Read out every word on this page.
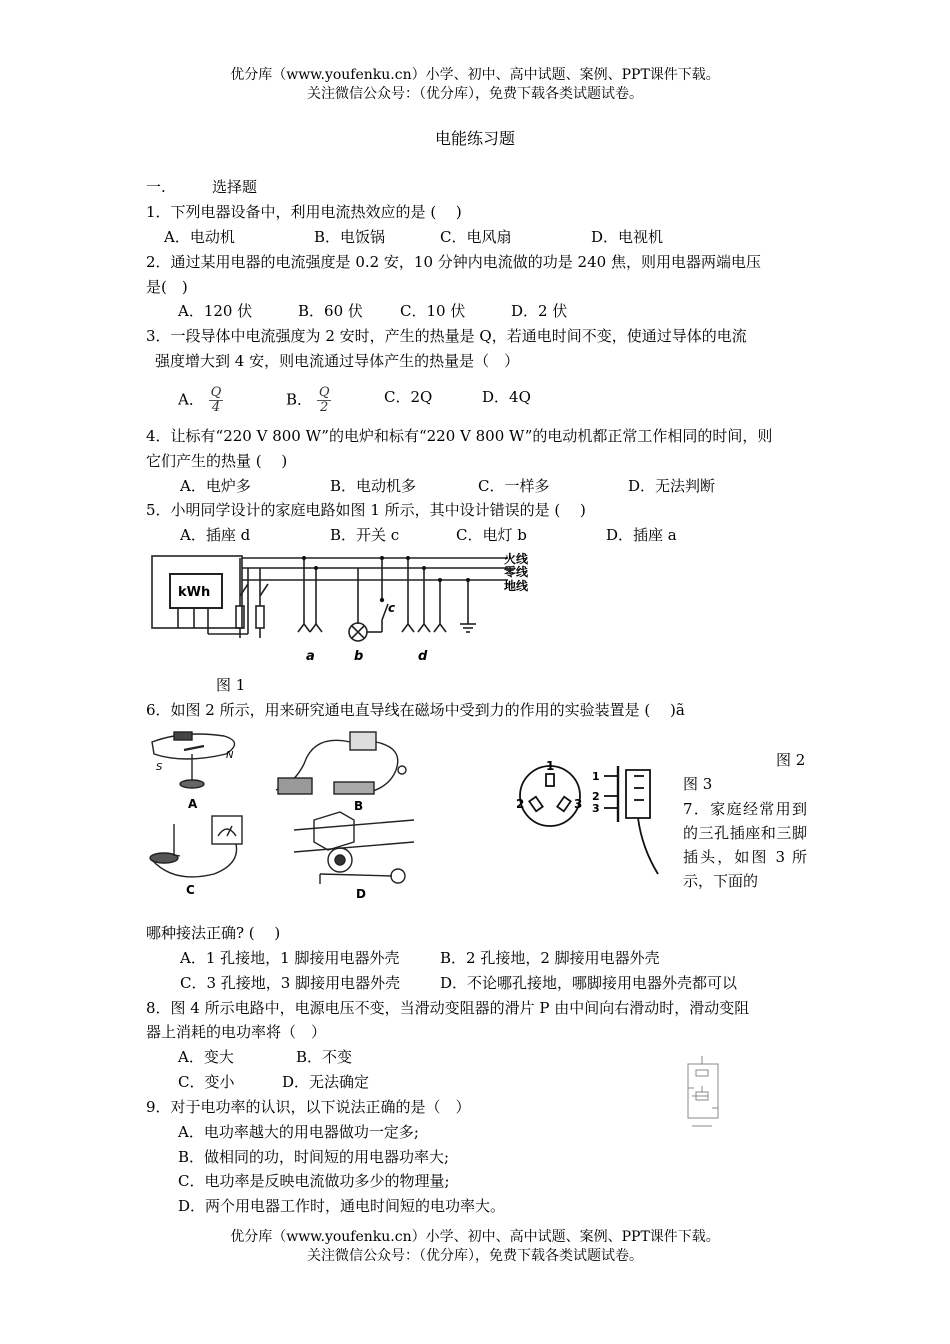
优分库（www.youfenku.cn）小学、初中、高中试题、案例、PPT课件下载。
关注微信公众号：（优分库），免费下载各类试题试卷。
电能练习题
一.	选择题
1．下列电器设备中，利用电流热效应的是 (　 )
A．电动机	B．电饭锅	C．电风扇	D．电视机
2．通过某用电器的电流强度是 0.2 安，10 分钟内电流做的功是 240 焦，则用电器两端电压
是(　)
A．120 伏	B．60 伏 C．10 伏	D．2 伏
3．一段导体中电流强度为 2 安时，产生的热量是 Q，若通电时间不变，使通过导体的电流
强度增大到 4 安，则电流通过导体产生的热量是（　）
A． $\frac{Q}{4}$	B． $\frac{Q}{2}$	C．2Q	D．4Q
4．让标有“220 V 800 W”的电炉和标有“220 V 800 W”的电动机都正常工作相同的时间，则
它们产生的热量 (　 )
A．电炉多	B．电动机多	C．一样多	D．无法判断
5．小明同学设计的家庭电路如图 1 所示，其中设计错误的是 (　 )
A．插座 d	B．开关 c	C．电灯 b	D．插座 a
kWh
火线
零线
地线
a	b
c
d
图 1
6．如图 2 所示，用来研究通电直导线在磁场中受到力的作用的实验装置是 (　 )ã
S
N
A	B
C	D
1
2	3
1
2
3
图 2
图 3
7．家庭经常用到的三孔插座和三脚插头，如图 3 所示，下面的
哪种接法正确? (　 )
A．1 孔接地，1 脚接用电器外壳	B．2 孔接地，2 脚接用电器外壳
C．3 孔接地，3 脚接用电器外壳	D．不论哪孔接地，哪脚接用电器外壳都可以
8．图 4 所示电路中，电源电压不变，当滑动变阻器的滑片 P 由中间向右滑动时，滑动变阻
器上消耗的电功率将（　）
A．变大	B．不变
C．变小	D．无法确定
9．对于电功率的认识，以下说法正确的是（　）
A．电功率越大的用电器做功一定多;
B．做相同的功，时间短的用电器功率大;
C．电功率是反映电流做功多少的物理量;
D．两个用电器工作时，通电时间短的电功率大。
优分库（www.youfenku.cn）小学、初中、高中试题、案例、PPT课件下载。
关注微信公众号：（优分库），免费下载各类试题试卷。
